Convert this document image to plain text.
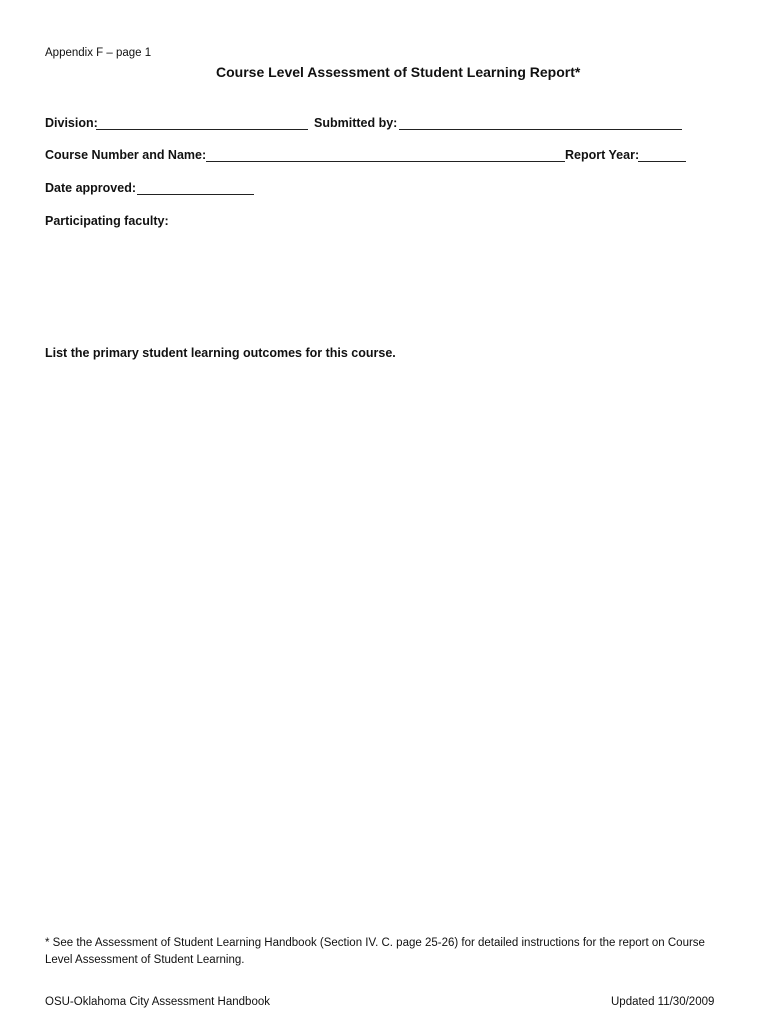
Appendix F – page 1
Course Level Assessment of Student Learning Report*
Division:	Submitted by:
Course Number and Name:	Report Year:
Date approved:
Participating faculty:
List the primary student learning outcomes for this course.
* See the Assessment of Student Learning Handbook (Section IV. C. page 25-26) for detailed instructions for the report on Course
Level Assessment of Student Learning.
OSU-Oklahoma City Assessment Handbook	Updated 11/30/2009
